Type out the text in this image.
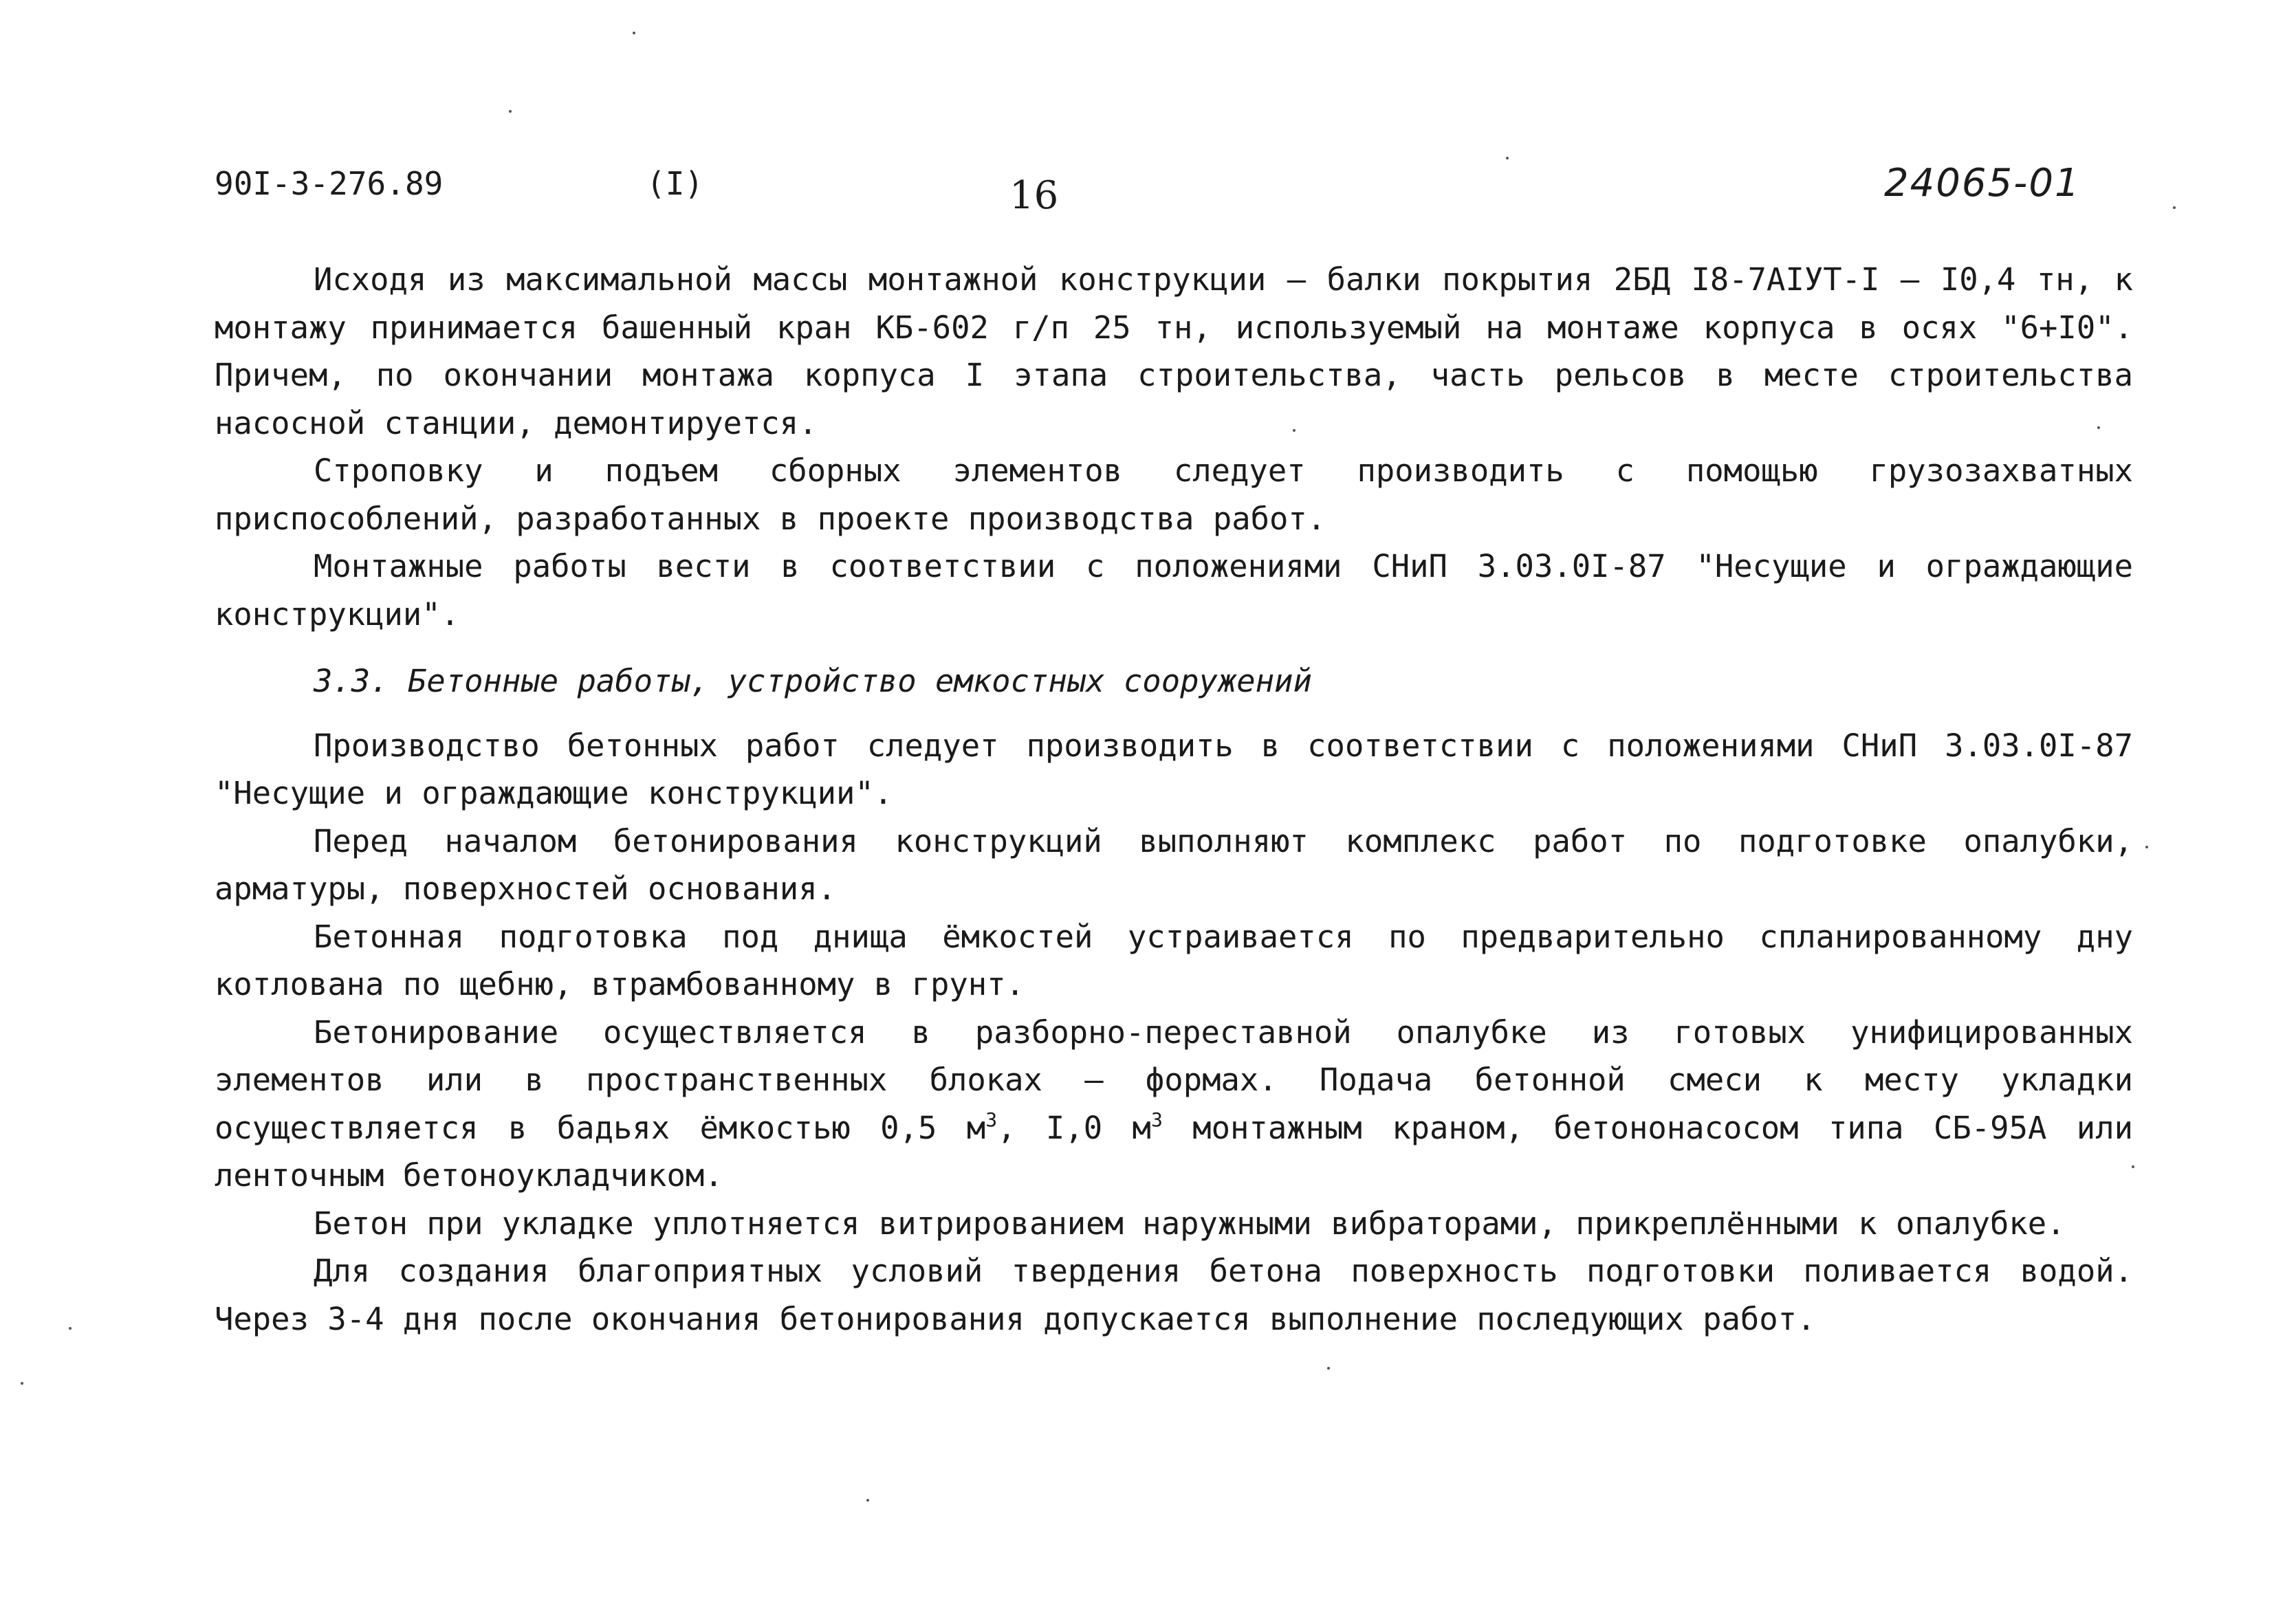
90I-3-276.89	(I)	16	24065-01

Исходя из максимальной массы монтажной конструкции – балки покрытия 2БД I8-7AIУТ-I – I0,4 тн, к монтажу принимается башенный кран КБ-602 г/п 25 тн, используемый на монтаже корпуса в осях "6+I0". Причем, по окончании монтажа корпуса I этапа строительства, часть рельсов в месте строительства насосной станции, демонтируется.

Строповку и подъем сборных элементов следует производить с помощью грузозахватных приспособлений, разработанных в проекте производства работ.

Монтажные работы вести в соответствии с положениями СНиП 3.03.0I-87 "Несущие и ограждающие конструкции".

3.3. Бетонные работы, устройство емкостных сооружений

Производство бетонных работ следует производить в соответствии с положениями СНиП 3.03.0I-87 "Несущие и ограждающие конструкции".

Перед началом бетонирования конструкций выполняют комплекс работ по подготовке опалубки, арматуры, поверхностей основания.

Бетонная подготовка под днища ёмкостей устраивается по предварительно спланированному дну котлована по щебню, втрамбованному в грунт.

Бетонирование осуществляется в разборно-переставной опалубке из готовых унифицированных элементов или в пространственных блоках – формах. Подача бетонной смеси к месту укладки осуществляется в бадьях ёмкостью 0,5 $м^3$, I,0 $м^3$ монтажным краном, бетононасосом типа СБ-95А или ленточным бетоноукладчиком.

Бетон при укладке уплотняется витрированием наружными вибраторами, прикреплёнными к опалубке.

Для создания благоприятных условий твердения бетона поверхность подготовки поливается водой. Через 3-4 дня после окончания бетонирования допускается выполнение последующих работ.
